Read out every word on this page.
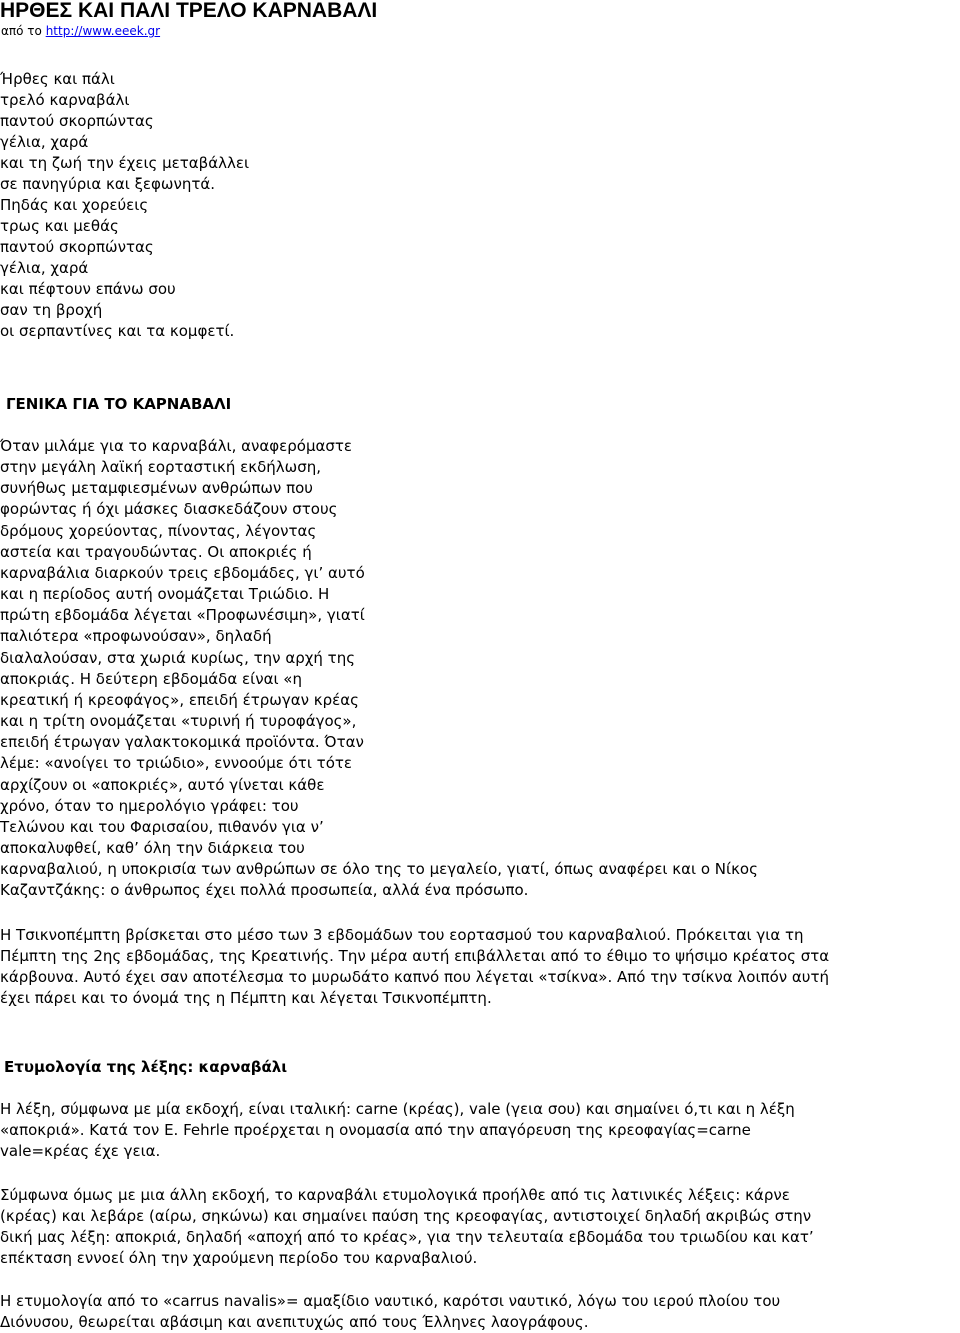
ΗΡΘΕΣ ΚΑΙ ΠΑΛΙ ΤΡΕΛΟ ΚΑΡΝΑΒΑΛΙ

από το http://www.eeek.gr

Ήρθες και πάλι
τρελό καρναβάλι
παντού σκορπώντας
γέλια, χαρά
και τη ζωή την έχεις μεταβάλλει
σε πανηγύρια και ξεφωνητά.
Πηδάς και χορεύεις
τρως και μεθάς
παντού σκορπώντας
γέλια, χαρά
και πέφτουν επάνω σου
σαν τη βροχή
οι σερπαντίνες και τα κομφετί.
ΓΕΝΙΚΑ ΓΙΑ ΤΟ ΚΑΡΝΑΒΑΛΙ
Όταν μιλάμε για το καρναβάλι, αναφερόμαστε
στην μεγάλη λαϊκή εορταστική εκδήλωση,
συνήθως μεταμφιεσμένων ανθρώπων που
φορώντας ή όχι μάσκες διασκεδάζουν στους
δρόμους χορεύοντας, πίνοντας, λέγοντας
αστεία και τραγουδώντας. Οι αποκριές ή
καρναβάλια διαρκούν τρεις εβδομάδες, γι’ αυτό
και η περίοδος αυτή ονομάζεται Τριώδιο. Η
πρώτη εβδομάδα λέγεται «Προφωνέσιμη», γιατί
παλιότερα «προφωνούσαν», δηλαδή
διαλαλούσαν, στα χωριά κυρίως, την αρχή της
αποκριάς. Η δεύτερη εβδομάδα είναι «η
κρεατική ή κρεοφάγος», επειδή έτρωγαν κρέας
και η τρίτη ονομάζεται «τυρινή ή τυροφάγος»,
επειδή έτρωγαν γαλακτοκομικά προϊόντα. Όταν
λέμε: «ανοίγει το τριώδιο», εννοούμε ότι τότε
αρχίζουν οι «αποκριές», αυτό γίνεται κάθε
χρόνο, όταν το ημερολόγιο γράφει: του
Τελώνου και του Φαρισαίου, πιθανόν για ν’
αποκαλυφθεί, καθ’ όλη την διάρκεια του
καρναβαλιού, η υποκρισία των ανθρώπων σε όλο της το μεγαλείο, γιατί, όπως αναφέρει και ο Νίκος
Καζαντζάκης: ο άνθρωπος έχει πολλά προσωπεία, αλλά ένα πρόσωπο.
Η Τσικνοπέμπτη βρίσκεται στο μέσο των 3 εβδομάδων του εορτασμού του καρναβαλιού. Πρόκειται για τη
Πέμπτη της 2ης εβδομάδας, της Κρεατινής. Την μέρα αυτή επιβάλλεται από το έθιμο το ψήσιμο κρέατος στα
κάρβουνα. Αυτό έχει σαν αποτέλεσμα το μυρωδάτο καπνό που λέγεται «τσίκνα». Από την τσίκνα λοιπόν αυτή
έχει πάρει και το όνομά της η Πέμπτη και λέγεται Τσικνοπέμπτη.
Ετυμολογία της λέξης: καρναβάλι
Η λέξη, σύμφωνα με μία εκδοχή, είναι ιταλική: carne (κρέας), vale (γεια σου) και σημαίνει ό,τι και η λέξη
«αποκριά». Κατά τον E. Fehrle προέρχεται η ονομασία από την απαγόρευση της κρεοφαγίας=carne
vale=κρέας έχε γεια.
Σύμφωνα όμως με μια άλλη εκδοχή, το καρναβάλι ετυμολογικά προήλθε από τις λατινικές λέξεις: κάρνε
(κρέας) και λεβάρε (αίρω, σηκώνω) και σημαίνει παύση της κρεοφαγίας, αντιστοιχεί δηλαδή ακριβώς στην
δική μας λέξη: αποκριά, δηλαδή «αποχή από το κρέας», για την τελευταία εβδομάδα του τριωδίου και κατ’
επέκταση εννοεί όλη την χαρούμενη περίοδο του καρναβαλιού.
Η ετυμολογία από το «carrus navalis»= αμαξίδιο ναυτικό, καρότσι ναυτικό, λόγω του ιερού πλοίου του
Διόνυσου, θεωρείται αβάσιμη και ανεπιτυχώς από τους Έλληνες λαογράφους.
